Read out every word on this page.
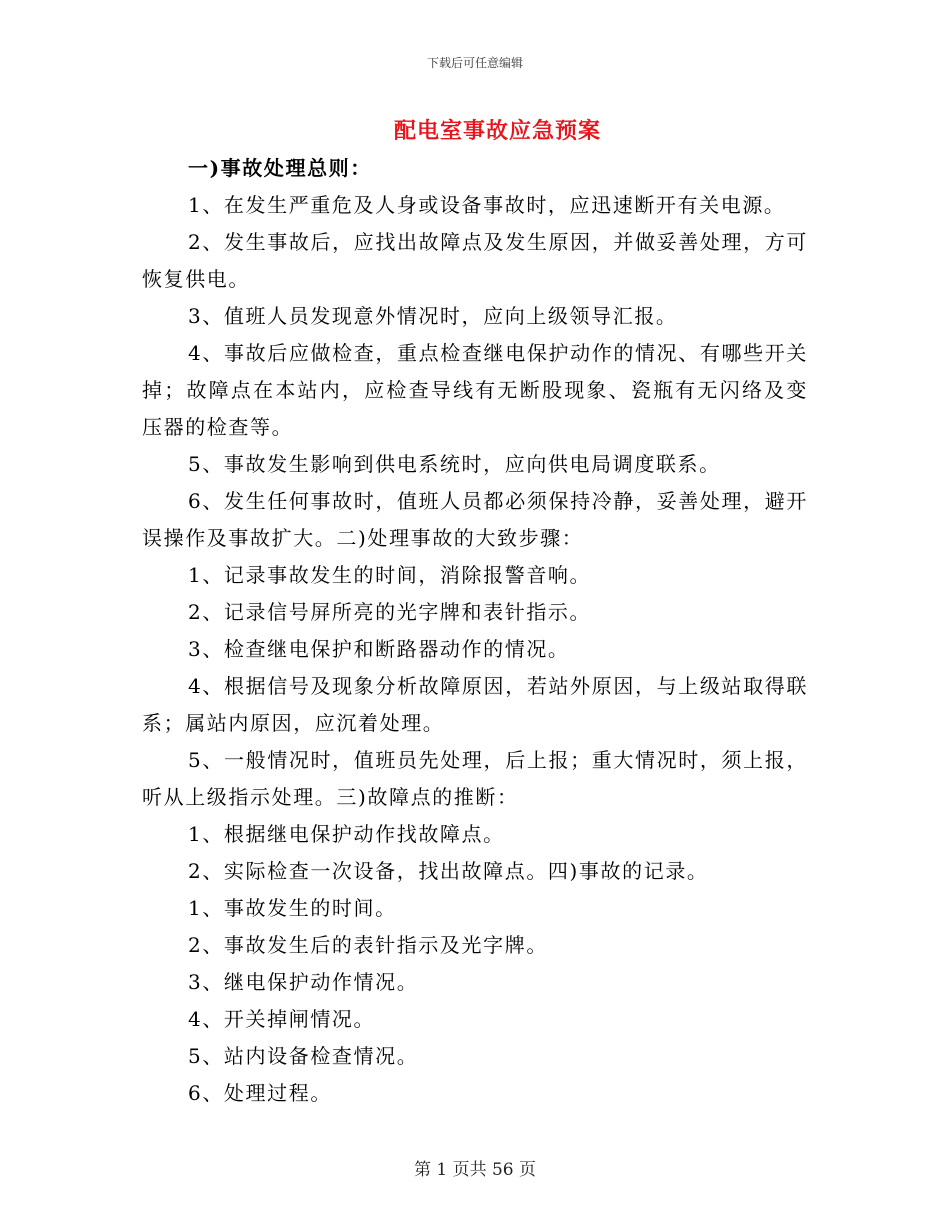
下载后可任意编辑
配电室事故应急预案

一)事故处理总则：

1、在发生严重危及人身或设备事故时，应迅速断开有关电源。

2、发生事故后，应找出故障点及发生原因，并做妥善处理，方可恢复供电。

3、值班人员发现意外情况时，应向上级领导汇报。

4、事故后应做检查，重点检查继电保护动作的情况、有哪些开关掉；故障点在本站内，应检查导线有无断股现象、瓷瓶有无闪络及变压器的检查等。

5、事故发生影响到供电系统时，应向供电局调度联系。

6、发生任何事故时，值班人员都必须保持冷静，妥善处理，避开误操作及事故扩大。二)处理事故的大致步骤：

1、记录事故发生的时间，消除报警音响。

2、记录信号屏所亮的光字牌和表针指示。

3、检查继电保护和断路器动作的情况。

4、根据信号及现象分析故障原因，若站外原因，与上级站取得联系；属站内原因，应沉着处理。

5、一般情况时，值班员先处理，后上报；重大情况时，须上报，听从上级指示处理。三)故障点的推断：

1、根据继电保护动作找故障点。

2、实际检查一次设备，找出故障点。四)事故的记录。

1、事故发生的时间。

2、事故发生后的表针指示及光字牌。

3、继电保护动作情况。

4、开关掉闸情况。

5、站内设备检查情况。

6、处理过程。

第 1 页共 56 页
